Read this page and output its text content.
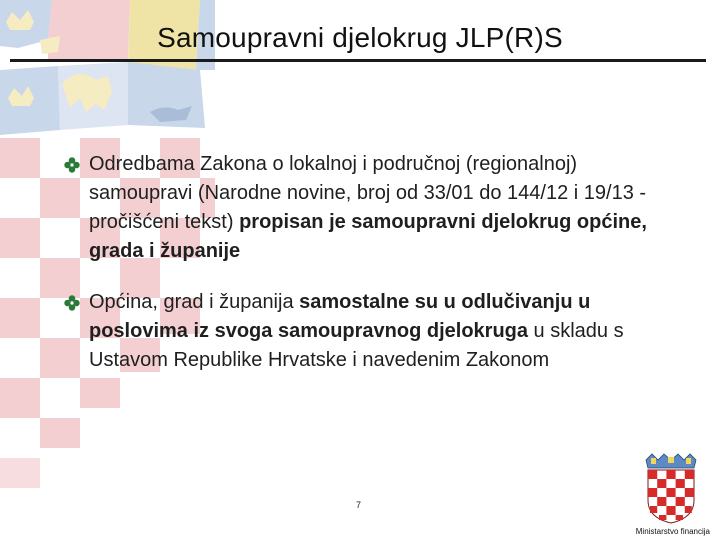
Samoupravni djelokrug JLP(R)S
Odredbama Zakona o lokalnoj i područnoj (regionalnoj) samoupravi (Narodne novine, broj od 33/01 do 144/12 i 19/13 - pročišćeni tekst) propisan je samoupravni djelokrug općine, grada i županije
Općina, grad i županija samostalne su u odlučivanju u poslovima iz svoga samoupravnog djelokruga u skladu s Ustavom Republike Hrvatske i navedenim Zakonom
7
Ministarstvo financija
